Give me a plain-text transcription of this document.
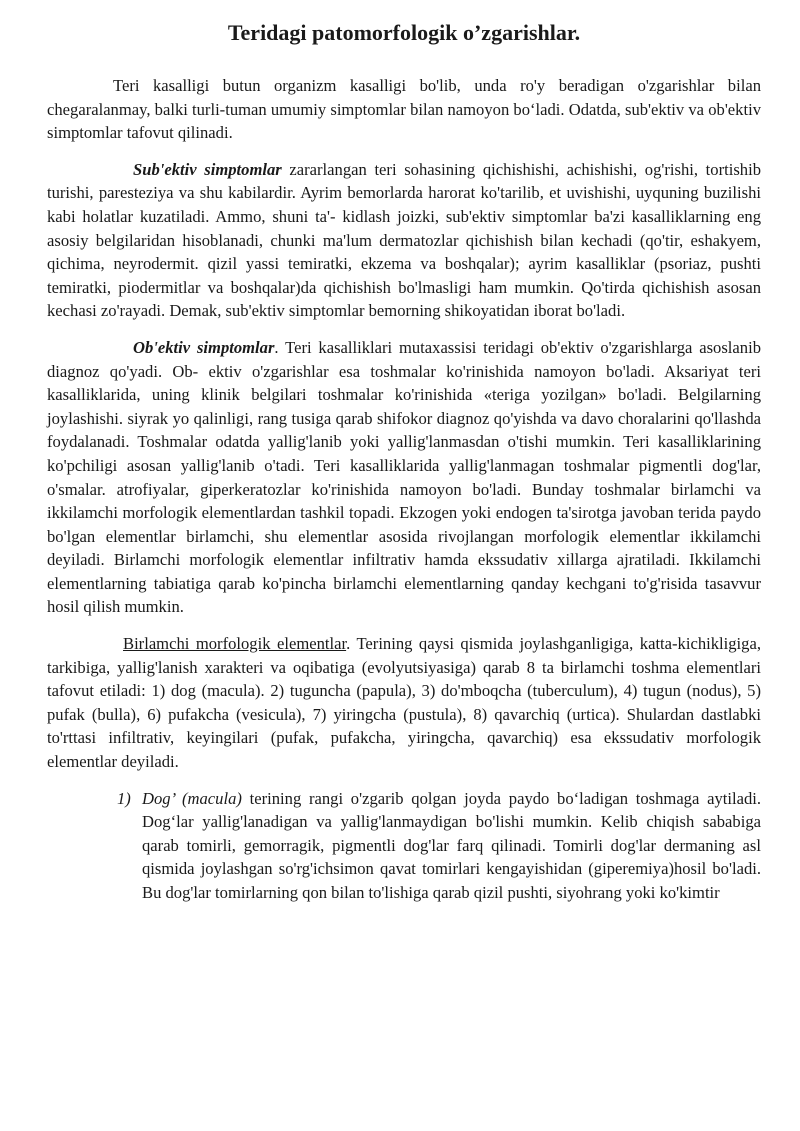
Teridagi patomorfologik o’zgarishlar.

Teri kasalligi butun organizm kasalligi bo'lib, unda ro'y beradigan o'zgarishlar bilan chegaralanmay, balki turli-tuman umumiy simptomlar bilan namoyon bo‘ladi. Odatda, sub'ektiv va ob'ektiv simptomlar tafovut qilinadi.

Sub'ektiv simptomlar zararlangan teri sohasining qichishishi, achishishi, og'rishi, tortishib turishi, paresteziya va shu kabilardir. Ayrim bemorlarda harorat ko'tarilib, et uvishishi, uyquning buzilishi kabi holatlar kuzatiladi. Ammo, shuni ta'- kidlash joizki, sub'ektiv simptomlar ba'zi kasalliklarning eng asosiy belgilaridan hisoblanadi, chunki ma'lum dermatozlar qichishish bilan kechadi (qo'tir, eshakyem, qichima, neyrodermit. qizil yassi temiratki, ekzema va boshqalar); ayrim kasalliklar (psoriaz, pushti temiratki, piodermitlar va boshqalar)da qichishish bo'lmasligi ham mumkin. Qo'tirda qichishish asosan kechasi zo'rayadi. Demak, sub'ektiv simptomlar bemorning shikoyatidan iborat bo'ladi.

Ob'ektiv simptomlar. Teri kasalliklari mutaxassisi teridagi ob'ektiv o'zgarishlarga asoslanib diagnoz qo'yadi. Ob- ektiv o'zgarishlar esa toshmalar ko'rinishida namoyon bo'ladi. Aksariyat teri kasalliklarida, uning klinik belgilari toshmalar ko'rinishida «teriga yozilgan» bo'ladi. Belgilarning joylashishi. siyrak yo qalinligi, rang tusiga qarab shifokor diagnoz qo'yishda va davo choralarini qo'llashda foydalanadi. Toshmalar odatda yallig'lanib yoki yallig'lanmasdan o'tishi mumkin. Teri kasalliklarining ko'pchiligi asosan yallig'lanib o'tadi. Teri kasalliklarida yallig'lanmagan toshmalar pigmentli dog'lar, o'smalar. atrofiyalar, giperkeratozlar ko'rinishida namoyon bo'ladi. Bunday toshmalar birlamchi va ikkilamchi morfologik elementlardan tashkil topadi. Ekzogen yoki endogen ta'sirotga javoban terida paydo bo'lgan elementlar birlamchi, shu elementlar asosida rivojlangan morfologik elementlar ikkilamchi deyiladi. Birlamchi morfologik elementlar infiltrativ hamda ekssudativ xillarga ajratiladi. Ikkilamchi elementlarning tabiatiga qarab ko'pincha birlamchi elementlarning qanday kechgani to'g'risida tasavvur hosil qilish mumkin.

Birlamchi morfologik elementlar. Terining qaysi qismida joylashganligiga, katta-kichikligiga, tarkibiga, yallig'lanish xarakteri va oqibatiga (evolyutsiyasiga) qarab 8 ta birlamchi toshma elementlari tafovut etiladi: 1) dog (macula). 2) tuguncha (papula), 3) do'mboqcha (tuberculum), 4) tugun (nodus), 5) pufak (bulla), 6) pufakcha (vesicula), 7) yiringcha (pustula), 8) qavarchiq (urtica). Shulardan dastlabki to'rttasi infiltrativ, keyingilari (pufak, pufakcha, yiringcha, qavarchiq) esa ekssudativ morfologik elementlar deyiladi.

1) Dog’ (macula) terining rangi o'zgarib qolgan joyda paydo bo‘ladigan toshmaga aytiladi. Dog‘lar yallig'lanadigan va yallig'lanmaydigan bo'lishi mumkin. Kelib chiqish sababiga qarab tomirli, gemorragik, pigmentli dog'lar farq qilinadi. Tomirli dog'lar dermaning asl qismida joylashgan so'rg'ichsimon qavat tomirlari kengayishidan (giperemiya)hosil bo'ladi. Bu dog'lar tomirlarning qon bilan to'lishiga qarab qizil pushti, siyohrang yoki ko'kimtir
